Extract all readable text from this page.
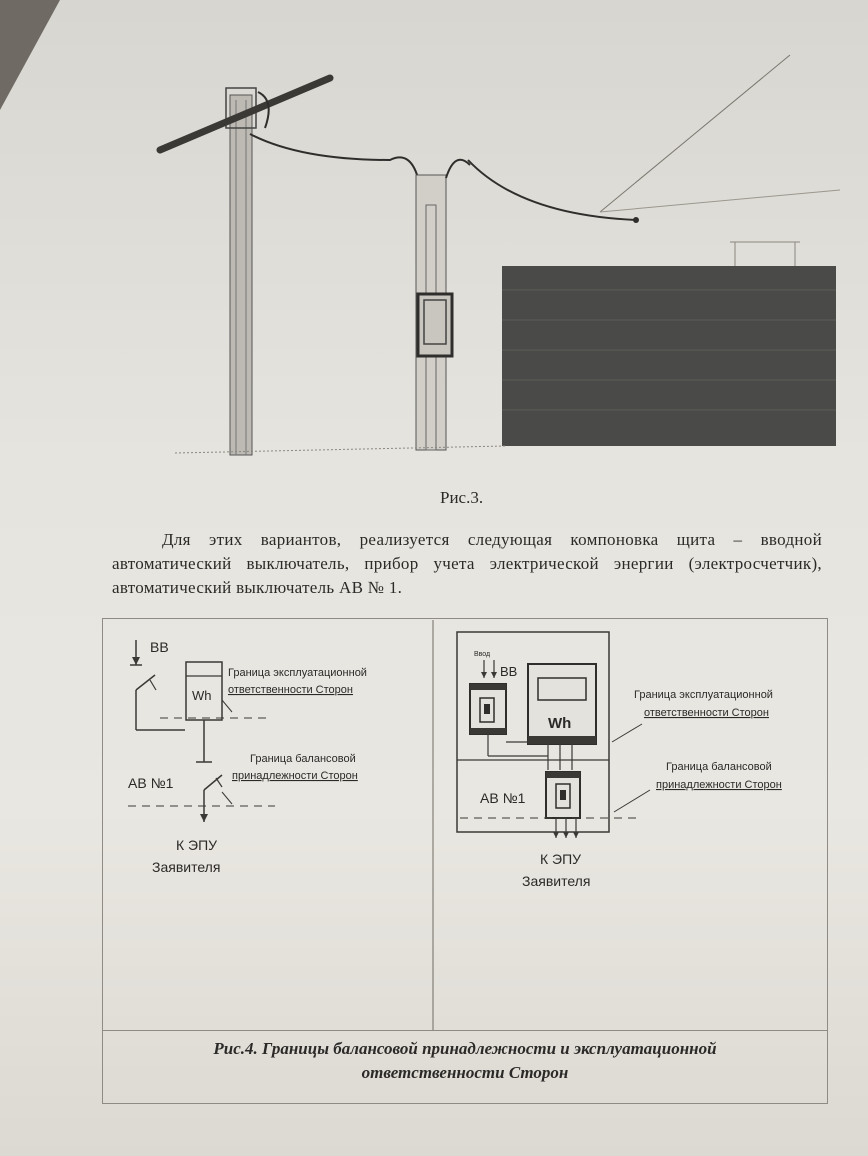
Рис.3.
Для этих вариантов, реализуется следующая компоновка щита – вводной автоматический выключатель, прибор учета электрической энергии (электросчетчик), автоматический выключатель АВ № 1.
ВВ
Wh
Граница эксплуатационной
ответственности Сторон
Граница балансовой
принадлежности Сторон
АВ №1
К ЭПУ
Заявителя
Ввод
ВВ
Wh
Граница эксплуатационной
ответственности Сторон
АВ №1
Граница балансовой
принадлежности Сторон
К ЭПУ
Заявителя
Рис.4. Границы балансовой принадлежности и эксплуатационной
ответственности Сторон
